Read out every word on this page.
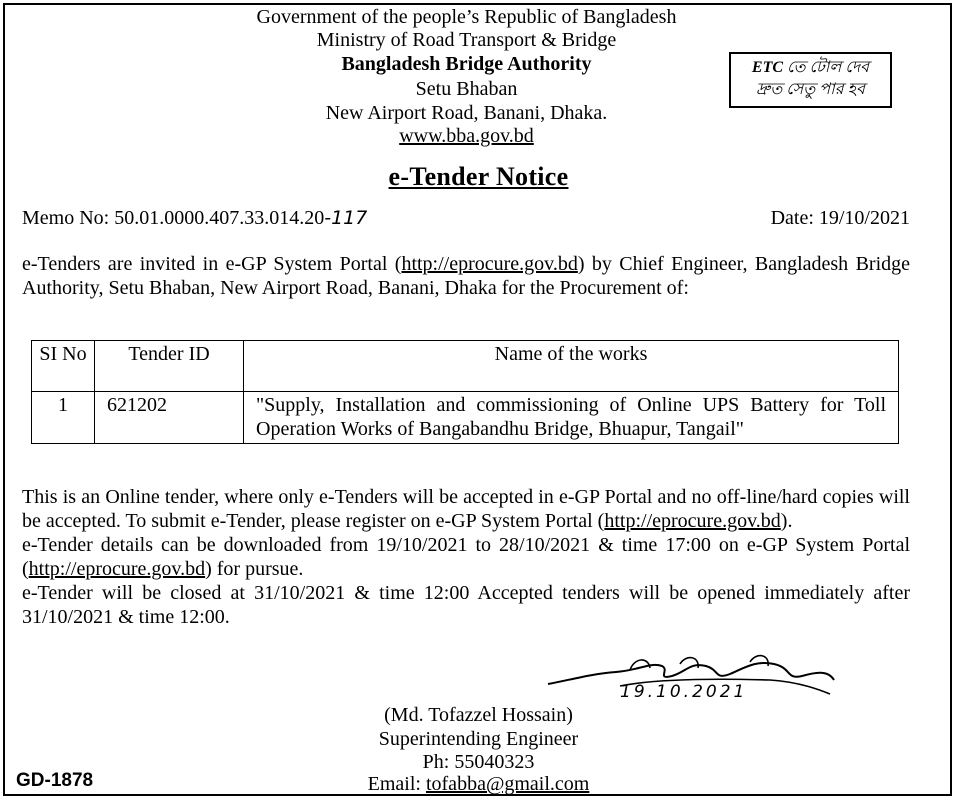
Government of the people’s Republic of Bangladesh
Ministry of Road Transport & Bridge
Bangladesh Bridge Authority
Setu Bhaban
New Airport Road, Banani, Dhaka.
www.bba.gov.bd
ETC তে টোল দেব
দ্রুত সেতু পার হব
e-Tender Notice
Memo No: 50.01.0000.407.33.014.20-117	Date: 19/10/2021
e-Tenders are invited in e-GP System Portal (http://eprocure.gov.bd) by Chief Engineer, Bangladesh Bridge Authority, Setu Bhaban, New Airport Road, Banani, Dhaka for the Procurement of:
SI No	Tender ID	Name of the works
1	621202	"Supply, Installation and commissioning of Online UPS Battery for Toll Operation Works of Bangabandhu Bridge, Bhuapur, Tangail"
This is an Online tender, where only e-Tenders will be accepted in e-GP Portal and no off-line/hard copies will be accepted. To submit e-Tender, please register on e-GP System Portal (http://eprocure.gov.bd).
e-Tender details can be downloaded from 19/10/2021 to 28/10/2021 & time 17:00 on e-GP System Portal (http://eprocure.gov.bd) for pursue.
e-Tender will be closed at 31/10/2021 & time 12:00 Accepted tenders will be opened immediately after 31/10/2021 & time 12:00.
19.10.2021
(Md. Tofazzel Hossain)
Superintending Engineer
Ph: 55040323
Email: tofabba@gmail.com
GD-1878
